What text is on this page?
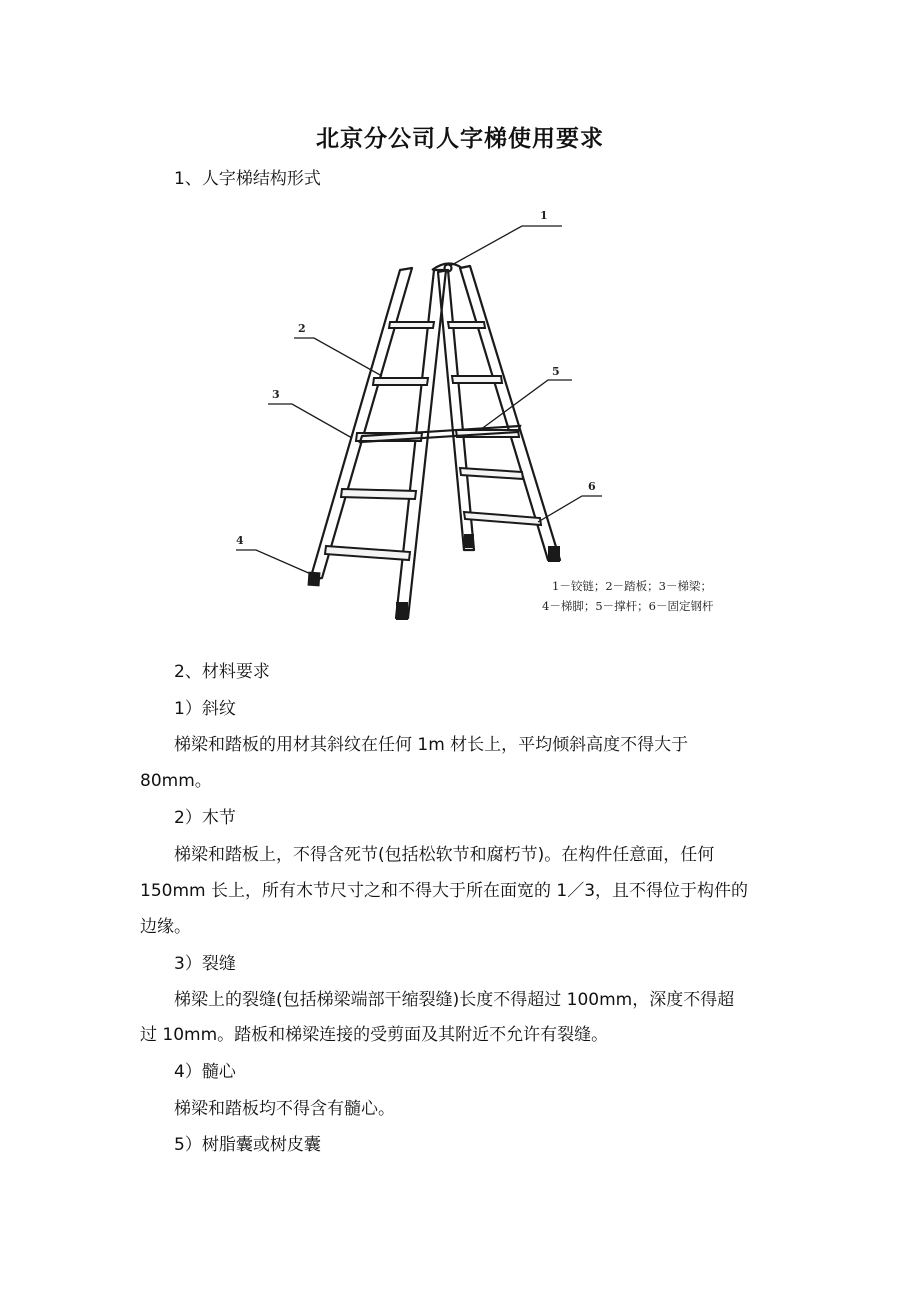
北京分公司人字梯使用要求
1、人字梯结构形式
1
2
3
4
5
6
1－铰链；2－踏板；3－梯梁；
4－梯脚；5－撑杆；6－固定钢杆
2、材料要求
1）斜纹
梯梁和踏板的用材其斜纹在任何 1m 材长上，平均倾斜高度不得大于
80mm。
2）木节
梯梁和踏板上，不得含死节(包括松软节和腐朽节)。在构件任意面，任何
150mm 长上，所有木节尺寸之和不得大于所在面宽的 1／3，且不得位于构件的
边缘。
3）裂缝
梯梁上的裂缝(包括梯梁端部干缩裂缝)长度不得超过 100mm，深度不得超
过 10mm。踏板和梯梁连接的受剪面及其附近不允许有裂缝。
4）髓心
梯梁和踏板均不得含有髓心。
5）树脂囊或树皮囊
